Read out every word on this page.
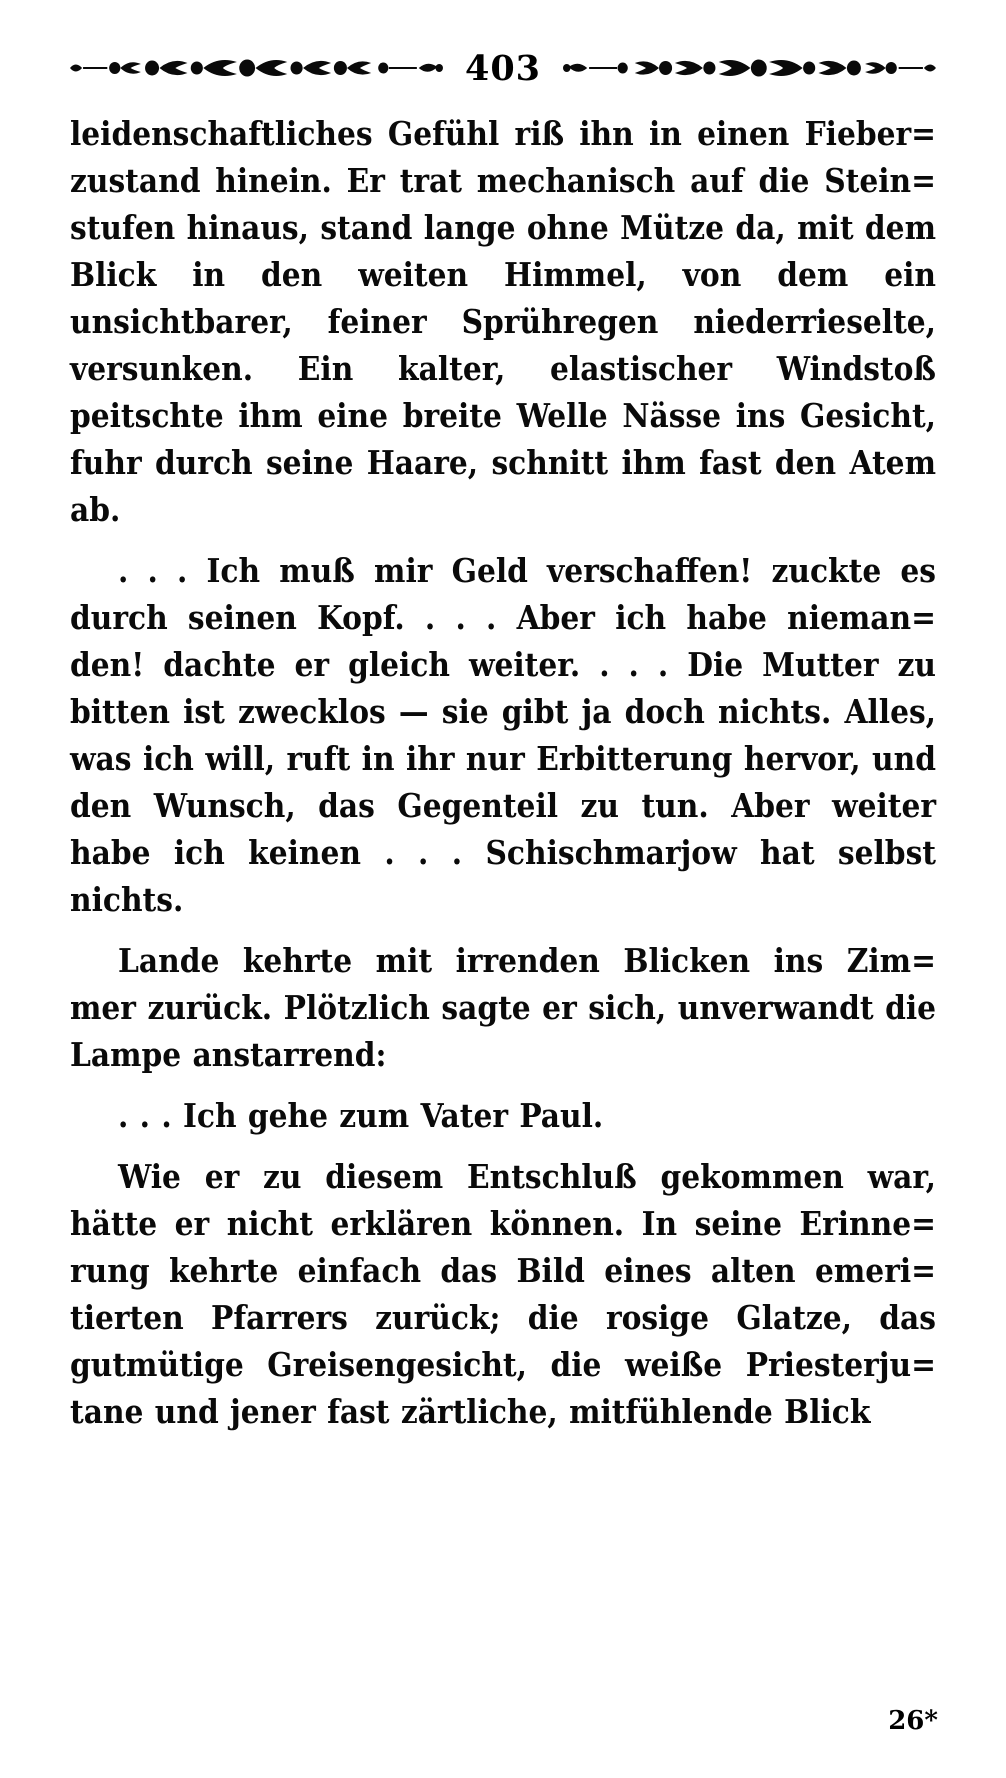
403

leidenschaftliches Gefühl riß ihn in einen Fieber= zustand hinein. Er trat mechanisch auf die Stein= stufen hinaus, stand lange ohne Mütze da, mit dem Blick in den weiten Himmel, von dem ein unsichtbarer, feiner Sprühregen niederrieselte, versunken. Ein kalter, elastischer Windstoß peitschte ihm eine breite Welle Nässe ins Gesicht, fuhr durch seine Haare, schnitt ihm fast den Atem ab.

. . . Ich muß mir Geld verschaffen! zuckte es durch seinen Kopf. . . . Aber ich habe nieman= den! dachte er gleich weiter. . . . Die Mutter zu bitten ist zwecklos — sie gibt ja doch nichts. Alles, was ich will, ruft in ihr nur Erbitterung hervor, und den Wunsch, das Gegenteil zu tun. Aber weiter habe ich keinen . . . Schischmarjow hat selbst nichts.

Lande kehrte mit irrenden Blicken ins Zim= mer zurück. Plötzlich sagte er sich, unverwandt die Lampe anstarrend:

. . . Ich gehe zum Vater Paul.

Wie er zu diesem Entschluß gekommen war, hätte er nicht erklären können. In seine Erinne= rung kehrte einfach das Bild eines alten emeri= tierten Pfarrers zurück; die rosige Glatze, das gutmütige Greisengesicht, die weiße Priesterju= tane und jener fast zärtliche, mitfühlende Blick

26*
